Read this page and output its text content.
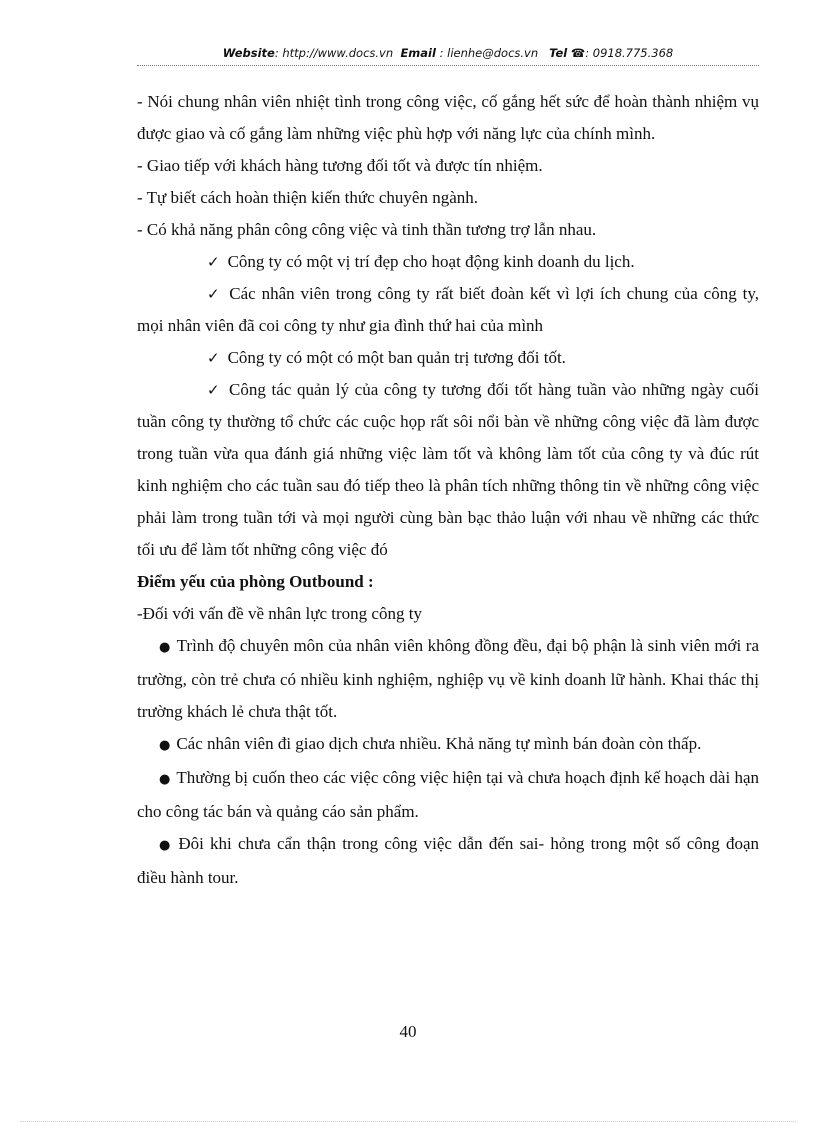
Website: http://www.docs.vn Email : lienhe@docs.vn Tel ☎: 0918.775.368

- Nói chung nhân viên nhiệt tình trong công việc, cố gắng hết sức để hoàn thành nhiệm vụ được giao và cố gắng làm những việc phù hợp với năng lực của chính mình.

- Giao tiếp với khách hàng tương đối tốt và được tín nhiệm.

- Tự biết cách hoàn thiện kiến thức chuyên ngành.

- Có khả năng phân công công việc và tinh thần tương trợ lẫn nhau.

✓ Công ty có một vị trí đẹp cho hoạt động kinh doanh du lịch.

✓ Các nhân viên trong công ty rất biết đoàn kết vì lợi ích chung của công ty, mọi nhân viên đã coi công ty như gia đình thứ hai của mình

✓ Công ty có một có một ban quản trị tương đối tốt.

✓ Công tác quản lý của công ty tương đối tốt hàng tuần vào những ngày cuối tuần công ty thường tổ chức các cuộc họp rất sôi nổi bàn về những công việc đã làm được trong tuần vừa qua đánh giá những việc làm tốt và không làm tốt của công ty và đúc rút kinh nghiệm cho các tuần sau đó tiếp theo là phân tích những thông tin về những công việc phải làm trong tuần tới và mọi người cùng bàn bạc thảo luận với nhau về những các thức tối ưu để làm tốt những công việc đó

Điểm yếu của phòng Outbound :

-Đối với vấn đề về nhân lực trong công ty

● Trình độ chuyên môn của nhân viên không đồng đều, đại bộ phận là sinh viên mới ra trường, còn trẻ chưa có nhiều kinh nghiệm, nghiệp vụ về kinh doanh lữ hành. Khai thác thị trường khách lẻ chưa thật tốt.

● Các nhân viên đi giao dịch chưa nhiều. Khả năng tự mình bán đoàn còn thấp.

● Thường bị cuốn theo các việc công việc hiện tại và chưa hoạch định kế hoạch dài hạn cho công tác bán và quảng cáo sản phẩm.

● Đôi khi chưa cẩn thận trong công việc dẫn đến sai- hỏng trong một số công đoạn điều hành tour.

40
